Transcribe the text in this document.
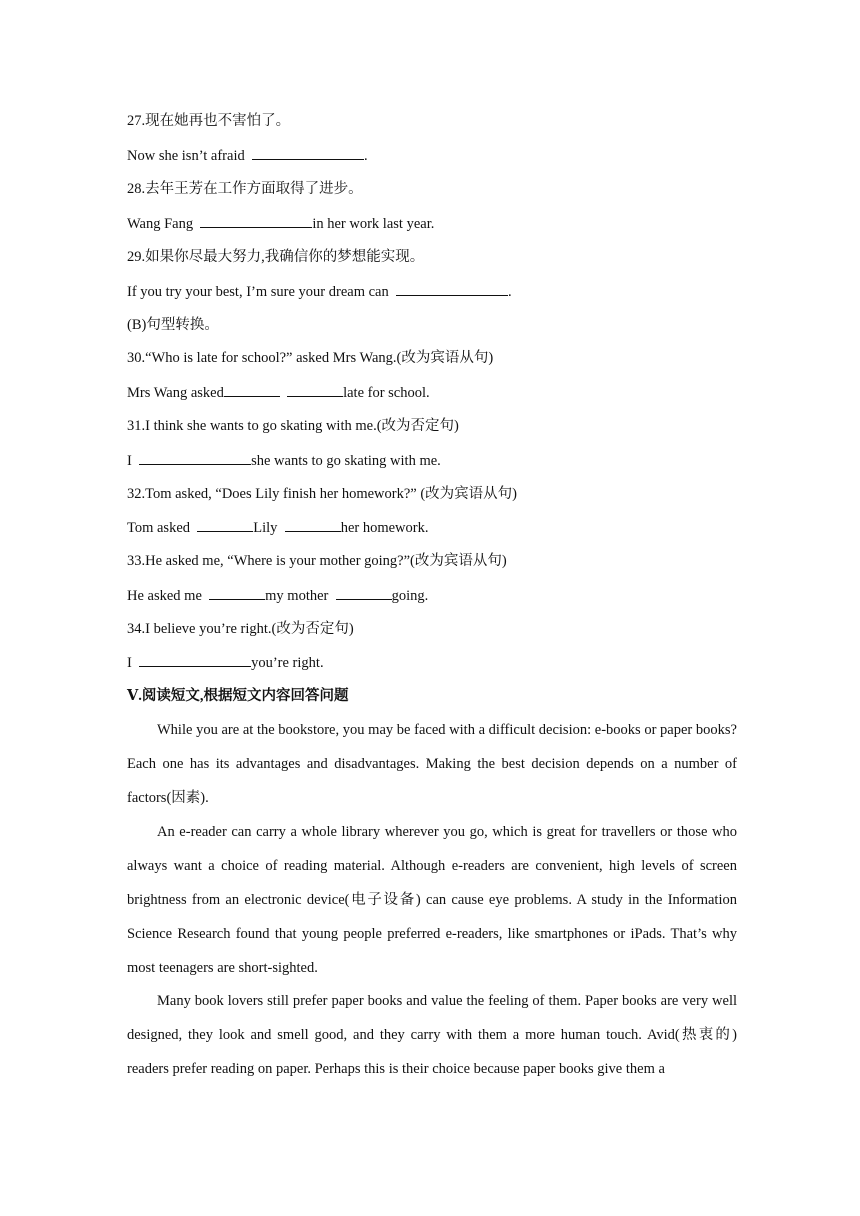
27.现在她再也不害怕了。
Now she isn’t afraid	.
28.去年王芳在工作方面取得了进步。
Wang Fang	in her work last year.
29.如果你尽最大努力,我确信你的梦想能实现。
If you try your best, I’m sure your dream can	.
(B)句型转换。
30.“Who is late for school?” asked Mrs Wang.(改为宾语从句)
Mrs Wang asked	late for school.
31.I think she wants to go skating with me.(改为否定句)
I	she wants to go skating with me.
32.Tom asked, “Does Lily finish her homework?” (改为宾语从句)
Tom asked	Lily	her homework.
33.He asked me, “Where is your mother going?”(改为宾语从句)
He asked me	my mother	going.
34.I believe you’re right.(改为否定句)
I	you’re right.
Ⅴ.阅读短文,根据短文内容回答问题
While you are at the bookstore, you may be faced with a difficult decision: e-books or paper books? Each one has its advantages and disadvantages. Making the best decision depends on a number of factors(因素).
An e-reader can carry a whole library wherever you go, which is great for travellers or those who always want a choice of reading material. Although e-readers are convenient, high levels of screen brightness from an electronic device(电子设备) can cause eye problems. A study in the Information Science Research found that young people preferred e-readers, like smartphones or iPads. That’s why most teenagers are short-sighted.
Many book lovers still prefer paper books and value the feeling of them. Paper books are very well designed, they look and smell good, and they carry with them a more human touch. Avid(热衷的) readers prefer reading on paper. Perhaps this is their choice because paper books give them a
